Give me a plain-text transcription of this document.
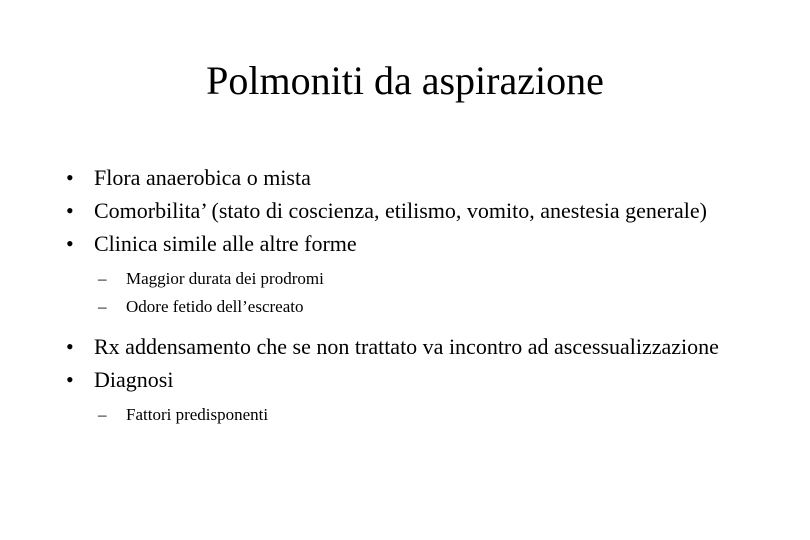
Polmoniti da aspirazione
• Flora anaerobica o mista
• Comorbilita’ (stato di coscienza, etilismo, vomito, anestesia generale)
• Clinica simile alle altre forme
– Maggior durata dei prodromi
– Odore fetido dell’escreato
• Rx addensamento che se non trattato va incontro ad ascessualizzazione
• Diagnosi
– Fattori predisponenti
